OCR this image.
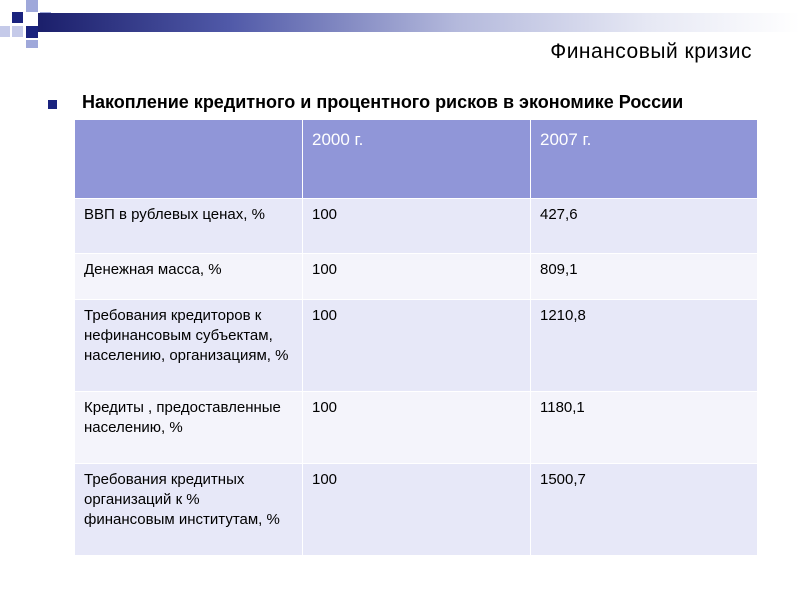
Финансовый кризис
Накопление кредитного и процентного рисков в экономике России
	2000 г.	2007 г.
ВВП в рублевых ценах, %	100	427,6
Денежная масса, %	100	809,1
Требования кредиторов к нефинансовым субъектам, населению, организациям, %	100	1210,8
Кредиты , предоставленные населению, %	100	1180,1
Требования кредитных организаций к % финансовым институтам, %	100	1500,7
